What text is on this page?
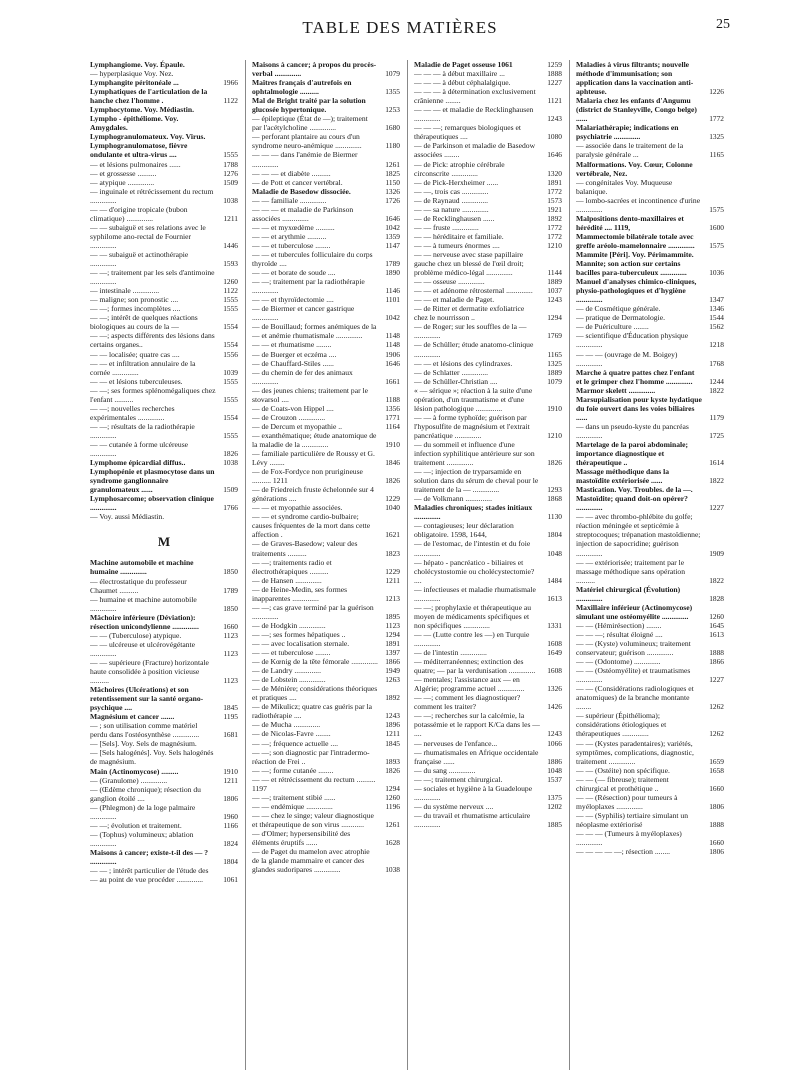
TABLE DES MATIÈRES	25
Lymphangiome. Voy. Épaule.
— hyperplasique Voy. Nez.
Lymphangite péritonéale ...	1966
Lymphatiques de l'articulation de la hanche chez l'homme .	1122
Lymphocytome. Voy. Médiastin.
Lympho - épithéliome. Voy. Amygdales.
Lymphogranulomateux. Voy. Virus.
Lymphogranulomatose, fièvre ondulante et ultra-virus ....	1555
— et lésions pulmonaires ......	1788
— et grossesse ..........	1276
— atypique ..............	1509
— inguinale et rétrécissement du rectum ..............	1038
— — d'origine tropicale (bubon climatique) ..............	1211
— — subaiguë et ses relations avec le syphilome ano-rectal de Fournier ..............	1446
— — subaiguë et actinothérapie ..............	1593
— —; traitement par les sels d'antimoine ..............	1260
— intestinale ..............	1122
— maligne; son pronostic ....	1555
— —; formes incomplètes ....	1555
— —; intérêt de quelques réactions biologiques au cours de la —	1554
— —; aspects différents des lésions dans certains organes..	1554
— — localisée; quatre cas ....	1556
— — et infiltration annulaire de la cornée ..............	1039
— — et lésions tuberculeuses.	1555
— —; ses formes splénomégaliques chez l'enfant ..........	1555
— —; nouvelles recherches expérimentales ..............	1554
— —; résultats de la radiothérapie ..............	1555
— — cutanée à forme ulcéreuse ..............	1826
Lymphome épicardial diffus..	1038
Lymphopénie et plasmocytose dans un syndrome ganglionnaire granulomateux ......	1509
Lymphosarcome; observation clinique ..............	1766
— Voy. aussi Médiastin.
M
Machine automobile et machine humaine ..............	1850
— électrostatique du professeur Chaumet ..........	1789
— humaine et machine automobile ..............	1850
Mâchoire inférieure (Déviation): résection unicondylienne ..............	1660
— — (Tuberculose) atypique.	1123
— — ulcéreuse et ulcérovégétante ..............	1123
— — supérieure (Fracture) horizontale haute consolidée à position vicieuse ..........	1123
Mâchoires (Ulcérations) et son retentissement sur la santé organo-psychique ....	1845
Magnésium et cancer .......	1195
— ; son utilisation comme matériel perdu dans l'ostéosynthèse ..............	1681
— [Sels]. Voy. Sels de magnésium.
— [Sels halogénés]. Voy. Sels halogénés de magnésium.
Main (Actinomycose) .........	1910
— (Granulome) ..............	1211
— (Œdème chronique); résection du ganglion étoilé ....	1806
— (Phlegmon) de la loge palmaire ..............	1960
— —; évolution et traitement.	1166
— (Tophus) volumineux; ablation ..............	1824
Maisons à cancer; existe-t-il des — ? ..............	1804
— — ; intérêt particulier de l'étude des — au point de vue procéder ..............	1061
Maisons à cancer; à propos du procès-verbal ..............	1079
Maîtres français d'autrefois en ophtalmologie ..........	1355
Mal de Bright traité par la solution glucosée hypertonique.	1253
— épileptique (État de —); traitement par l'acétylcholine ..............	1680
— perforant plantaire au cours d'un syndrome neuro-anémique ..............	1180
— — — dans l'anémie de Biermer ..............	1261
— — — et diabète ..........	1825
— de Pott et cancer vertébral.	1150
Maladie de Basedow dissociée.	1326
— — familiale ..............	1726
— — — et maladie de Parkinson associées ..............	1646
— — et myxœdème ..........	1042
— — et arythmie ..........	1359
— — et tuberculose ........	1147
— — et tubercules folliculaire du corps thyroïde ....	1789
— — et borate de soude ....	1890
— —; traitement par la radiothérapie ..............	1146
— — et thyroïdectomie ....	1101
— de Biermer et cancer gastrique ..............	1042
— de Bouillaud; formes anémiques de la — et anémie rhumatismale ..............	1148
— — et rhumatisme ........	1148
— de Buerger et eczéma ....	1906
— de Chauffard-Stiles ......	1646
— du chemin de fer des animaux ..............	1661
— des jeunes chiens; traitement par le stovarsol ....	1188
— de Coats-von Hippel ....	1356
— de Crouzon ..............	1771
— de Dercum et myopathie ..	1164
— exanthématique; étude anatomique de la maladie de la ..............	1910
— familiale particulière de Roussy et G. Lévy ........	1846
— de Fox-Fordyce non prurigineuse .......... 1211	1826
— de Friedreich fruste échelonnée sur 4 générations ....	1229
— — et myopathie associées.	1040
— — et syndrome cardio-bulbaire; causes fréquentes de la mort dans cette affection .	1621
— de Graves-Basedow; valeur des traitements ..........	1823
— —; traitements radio et électrothérapiques ..........	1229
— de Hansen ..............	1211
— de Heine-Medin, ses formes inapparentes ..............	1213
— —; cas grave terminé par la guérison ..............	1895
— de Hodgkin ..............	1123
— —; ses formes hépatiques ..	1294
— — avec localisation sternale.	1891
— — et tuberculose ........	1397
— de Kœnig de la tête fémorale .............. 1866
— de Landry ..............	1949
— de Lobstein ..............	1263
— de Ménière; considérations théoriques et pratiques ....	1892
— de Mikulicz; quatre cas guéris par la radiothérapie ....	1243
— de Mucha ..............	1896
— de Nicolas-Favre ........	1211
— —; fréquence actuelle ....	1845
— —; son diagnostic par l'intradermo-réaction de Frei ..	1893
— —; forme cutanée ........	1826
— — et rétrécissement du rectum .......... 1197	1294
— —; traitement stibié ......	1260
— — endémique ..............	1196
— — chez le singe; valeur diagnostique et thérapeutique de son virus ............	1261
— d'Olmer; hypersensibilité des éléments éruptifs ......	1628
— de Paget du mamelon avec atrophie de la glande mammaire et cancer des glandes sudoripares ..............	1038
Maladie de Paget osseuse 1061	1259
— — — à début maxillaire ...	1888
— — — à début céphalalgique.	1227
— — — à détermination exclusivement crânienne ........	1121
— — — et maladie de Recklinghausen ..............	1243
— — —; remarques biologiques et thérapeutiques ....	1080
— de Parkinson et maladie de Basedow associées ........	1646
— de Pick: atrophie cérébrale circonscrite ..............	1320
— de Pick-Herxheimer ......	1891
— —, trois cas ..............	1772
— de Raynaud ..............	1573
— — sa nature ..............	1921
— de Recklinghausen ......	1892
— — fruste ..............	1772
— — héréditaire et familiale.	1772
— — à tumeurs énormes ....	1210
— — nerveuse avec stase papillaire gauche chez un blessé de l'œil droit; problème médico-légal ..............	1144
— — osseuse ..............	1889
— — et adénome rétrosternal ..............	1037
— — et maladie de Paget.	1243
— de Ritter et dermatite exfoliatrice chez le nourrisson ..	1294
— de Roger; sur les souffles de la — ..............	1769
— de Schüller; étude anatomo-clinique ..............	1165
— — et lésions des cylindraxes.	1325
— de Schlatter ..............	1889
— de Schüller-Christian ....	1079
« — sérique »; réaction à la suite d'une opération, d'un traumatisme et d'une lésion pathologique ..............	1910
— — à forme typhoïde; guérison par l'hyposulfite de magnésium et l'extrait pancréatique ..............	1210
— du sommeil et influence d'une infection syphilitique antérieure sur son traitement ..............	1826
— —; injection de tryparsamide en solution dans du sérum de cheval pour le traitement de la — ..............	1293
— de Volkmann ..............	1868
Maladies chroniques; stades initiaux ..............	1130
— contagieuses; leur déclaration obligatoire. 1598, 1644,	1804
— de l'estomac, de l'intestin et du foie ..............	1048
— hépato - pancréatico - biliaires et cholécystostomie ou cholécystectomie? ....	1484
— infectieuses et maladie rhumatismale ..............	1613
— —; prophylaxie et thérapeutique au moyen de médicaments spécifiques et non spécifiques ..............	1331
— — (Lutte contre les —) en Turquie ..............	1608
— de l'intestin ..............	1649
— méditerranéennes; extinction des quatre; — par la verdunisation ..............	1608
— mentales; l'assistance aux — en Algérie; programme actuel ..............	1326
— —; comment les diagnostiquer? comment les traiter?	1426
— —; recherches sur la calcémie, la potassémie et le rapport K/Ca dans les — ....	1243
— nerveuses de l'enfance...	1066
— rhumatismales en Afrique occidentale française ......	1886
— du sang ..............	1048
— —; traitement chirurgical.	1537
— sociales et hygiène à la Guadeloupe ..............	1375
— du système nerveux ....	1202
— du travail et rhumatisme articulaire ..............	1885
Maladies à virus filtrants; nouvelle méthode d'immunisation; son application dans la vaccination anti-aphteuse.	1226
Malaria chez les enfants d'Angumu (district de Stanleyville, Congo belge) ......	1772
Malariathérapie; indications en psychiatrie ..............	1325
— associée dans le traitement de la paralysie générale ...	1165
Malformations. Voy. Cœur, Colonne vertébrale, Nez.
— congénitales Voy. Muqueuse balanique.
— lombo-sacrées et incontinence d'urine ..............	1575
Malpositions dento-maxillaires et hérédité .... 1119,	1600
Mammectomie bilatérale totale avec greffe aréolo-mamelonnaire ..............	1575
Mammite [Péri]. Voy. Périmammite.
Mannite; son action sur certains bacilles para-tuberculeux ..............	1036
Manuel d'analyses chimico-cliniques, physio-pathologiques et d'hygiène ..............	1347
— de Cosmétique générale.	1346
— pratique de Dermatologie.	1544
— de Puériculture ........	1562
— scientifique d'Éducation physique ..............	1218
— — — (ouvrage de M. Boigey) ..............	1768
Marche à quatre pattes chez l'enfant et le grimper chez l'homme ..............	1244
Marmor skelett ..............	1822
Marsupialisation pour kyste hydatique du foie ouvert dans les voies biliaires ......	1179
— dans un pseudo-kyste du pancréas ..............	1725
Martelage de la paroi abdominale; importance diagnostique et thérapeutique ..	1614
Massage méthodique dans la mastoïdite extériorisée ......	1822
Mastication. Voy. Troubles. de la —.
Mastoïdite; quand doit-on opérer? ..............	1227
— — avec thrombo-phlébite du golfe; réaction méningée et septicémie à streptocoques; trépanation mastoïdienne; injection de sapocridine; guérison ..............	1909
— — extériorisée; traitement par le massage méthodique sans opération ..........	1822
Matériel chirurgical (Évolution) ..............	1828
Maxillaire inférieur (Actinomycose) simulant une ostéomyélite ..............	1260
— — (Hémirésection) ........	1645
— — —; résultat éloigné ....	1613
— — (Kyste) volumineux; traitement conservateur; guérison ..............	1888
— — (Odontome) ..............	1866
— — (Ostéomyélite) et traumatismes ..............	1227
— — (Considérations radiologiques et anatomiques) de la branche montante ........	1262
— supérieur (Épithélioma); considérations étiologiques et thérapeutiques ..............	1262
— — (Kystes paradentaires); variétés, symptômes, complications, diagnostic, traitement ..............	1659
— — (Ostéite) non spécifique.	1658
— — (— fibreuse); traitement chirurgical et prothétique ..	1660
— — (Résection) pour tumeurs à myéloplaxes ..............	1806
— — (Syphilis) tertiaire simulant un néoplasme extériorisé	1888
— — — (Tumeurs à myéloplaxes) ..............	1660
— — — — —; résection ........	1806
